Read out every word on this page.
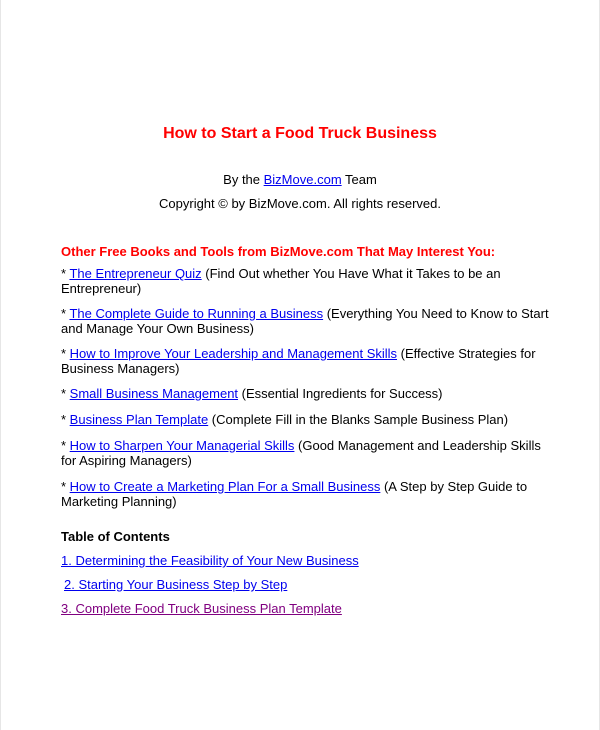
How to Start a Food Truck Business
By the BizMove.com Team
Copyright © by BizMove.com. All rights reserved.
Other Free Books and Tools from BizMove.com That May Interest You:
* The Entrepreneur Quiz (Find Out whether You Have What it Takes to be an Entrepreneur)
* The Complete Guide to Running a Business (Everything You Need to Know to Start and Manage Your Own Business)
* How to Improve Your Leadership and Management Skills (Effective Strategies for Business Managers)
* Small Business Management (Essential Ingredients for Success)
* Business Plan Template (Complete Fill in the Blanks Sample Business Plan)
* How to Sharpen Your Managerial Skills (Good Management and Leadership Skills for Aspiring Managers)
* How to Create a Marketing Plan For a Small Business (A Step by Step Guide to Marketing Planning)
Table of Contents
1. Determining the Feasibility of Your New Business
2. Starting Your Business Step by Step
3. Complete Food Truck Business Plan Template
